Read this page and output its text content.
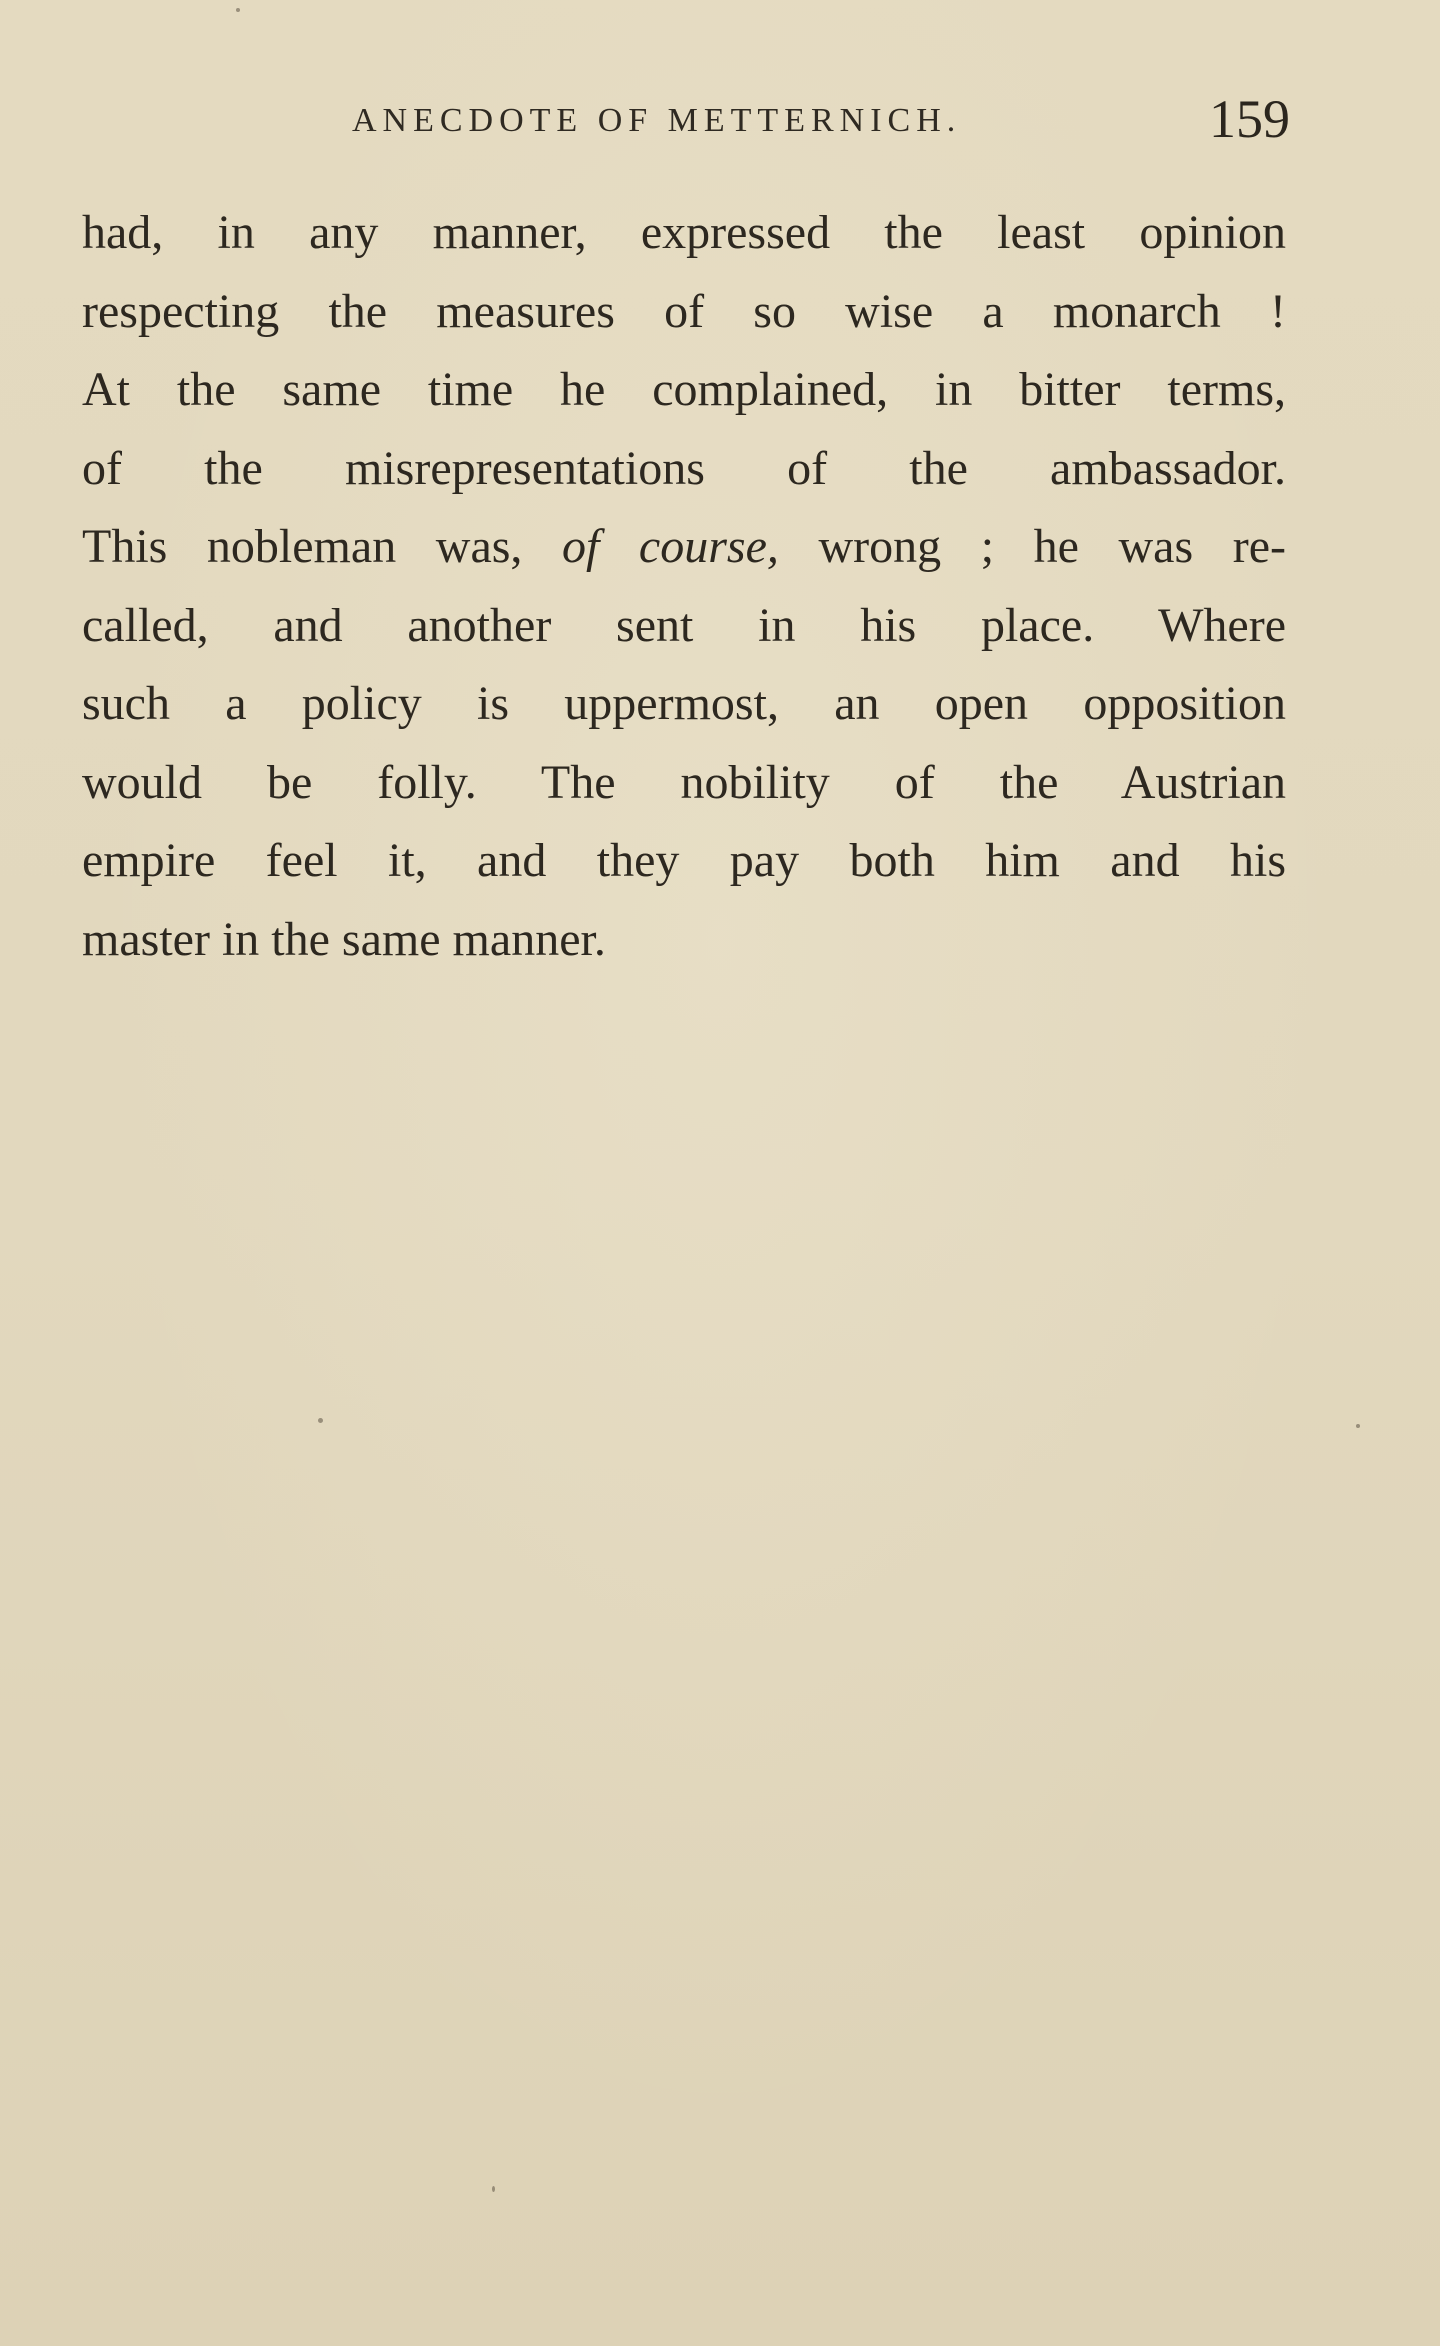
ANECDOTE OF METTERNICH.	159
had, in any manner, expressed the least opinion
respecting the measures of so wise a monarch !
At the same time he complained, in bitter terms,
of the misrepresentations of the ambassador.
This nobleman was, of course, wrong ; he was re-
called, and another sent in his place. Where
such a policy is uppermost, an open opposition
would be folly. The nobility of the Austrian
empire feel it, and they pay both him and his
master in the same manner.
